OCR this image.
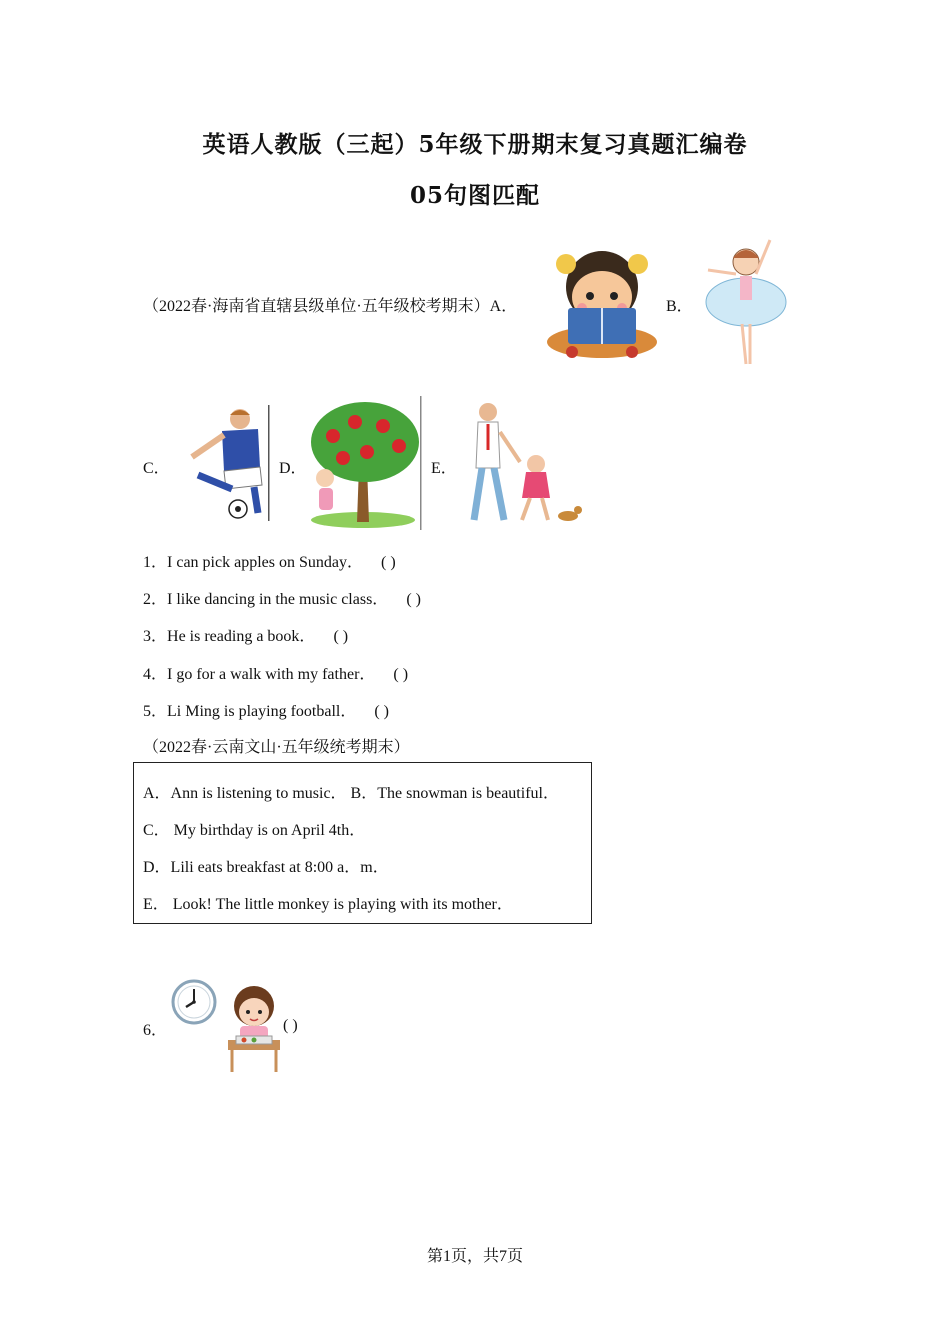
英语人教版（三起）5年级下册期末复习真题汇编卷
05句图匹配
（2022春·海南省直辖县级单位·五年级校考期末）A．	B．
C．	D．	E．
1．I can pick apples on Sunday． ( )
2．I like dancing in the music class． ( )
3．He is reading a book． ( )
4．I go for a walk with my father． ( )
5．Li Ming is playing football． ( )
（2022春·云南文山·五年级统考期末）
A．Ann is listening to music． B．The snowman is beautiful．
C． My birthday is on April 4th．
D．Lili eats breakfast at 8:00 a．m．
E． Look! The little monkey is playing with its mother．
6．	( )
第1页，共7页
